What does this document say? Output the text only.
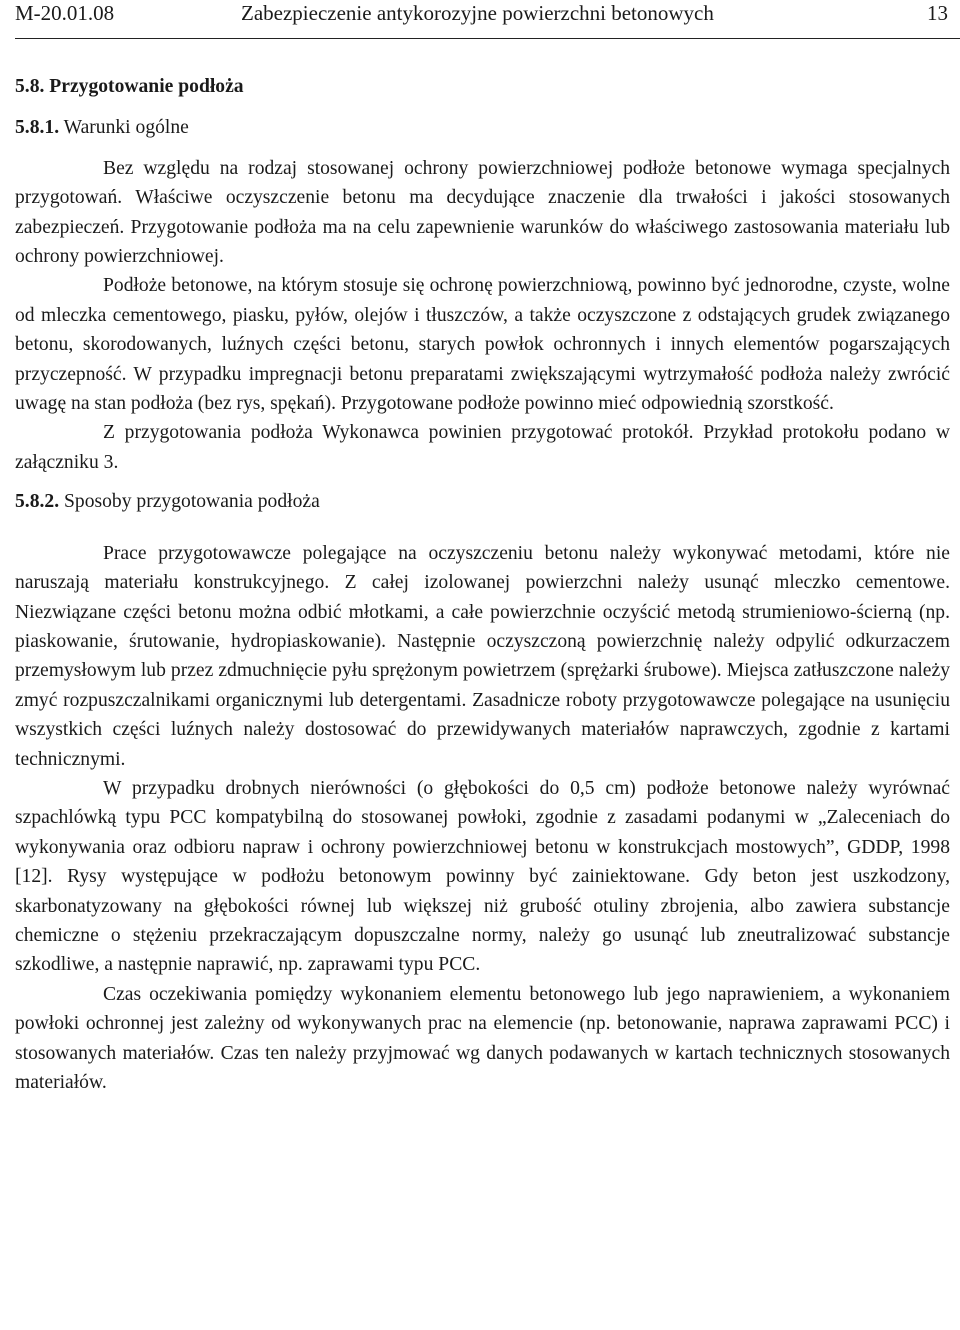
M-20.01.08	Zabezpieczenie antykorozyjne powierzchni betonowych	13
5.8. Przygotowanie podłoża
5.8.1. Warunki ogólne

Bez względu na rodzaj stosowanej ochrony powierzchniowej podłoże betonowe wymaga specjalnych przygotowań. Właściwe oczyszczenie betonu ma decydujące znaczenie dla trwałości i jakości stosowanych zabezpieczeń. Przygotowanie podłoża ma na celu zapewnienie warunków do właściwego zastosowania materiału lub ochrony powierzchniowej.

Podłoże betonowe, na którym stosuje się ochronę powierzchniową, powinno być jednorodne, czyste, wolne od mleczka cementowego, piasku, pyłów, olejów i tłuszczów, a także oczyszczone z odstających grudek związanego betonu, skorodowanych, luźnych części betonu, starych powłok ochronnych i innych elementów pogarszających przyczepność. W przypadku impregnacji betonu preparatami zwiększającymi wytrzymałość podłoża należy zwrócić uwagę na stan podłoża (bez rys, spękań). Przygotowane podłoże powinno mieć odpowiednią szorstkość.

Z przygotowania podłoża Wykonawca powinien przygotować protokół. Przykład protokołu podano w załączniku 3.

5.8.2. Sposoby przygotowania podłoża

Prace przygotowawcze polegające na oczyszczeniu betonu należy wykonywać metodami, które nie naruszają materiału konstrukcyjnego. Z całej izolowanej powierzchni należy usunąć mleczko cementowe. Niezwiązane części betonu można odbić młotkami, a całe powierzchnie oczyścić metodą strumieniowo-ścierną (np. piaskowanie, śrutowanie, hydropiaskowanie). Następnie oczyszczoną powierzchnię należy odpylić odkurzaczem przemysłowym lub przez zdmuchnięcie pyłu sprężonym powietrzem (sprężarki śrubowe). Miejsca zatłuszczone należy zmyć rozpuszczalnikami organicznymi lub detergentami. Zasadnicze roboty przygotowawcze polegające na usunięciu wszystkich części luźnych należy dostosować do przewidywanych materiałów naprawczych, zgodnie z kartami technicznymi.

W przypadku drobnych nierówności (o głębokości do 0,5 cm) podłoże betonowe należy wyrównać szpachlówką typu PCC kompatybilną do stosowanej powłoki, zgodnie z zasadami podanymi w „Zaleceniach do wykonywania oraz odbioru napraw i ochrony powierzchniowej betonu w konstrukcjach mostowych”, GDDP, 1998 [12]. Rysy występujące w podłożu betonowym powinny być zainiektowane. Gdy beton jest uszkodzony, skarbonatyzowany na głębokości równej lub większej niż grubość otuliny zbrojenia, albo zawiera substancje chemiczne o stężeniu przekraczającym dopuszczalne normy, należy go usunąć lub zneutralizować substancje szkodliwe, a następnie naprawić, np. zaprawami typu PCC.

Czas oczekiwania pomiędzy wykonaniem elementu betonowego lub jego naprawieniem, a wykonaniem powłoki ochronnej jest zależny od wykonywanych prac na elemencie (np. betonowanie, naprawa zaprawami PCC) i stosowanych materiałów. Czas ten należy przyjmować wg danych podawanych w kartach technicznych stosowanych materiałów.
